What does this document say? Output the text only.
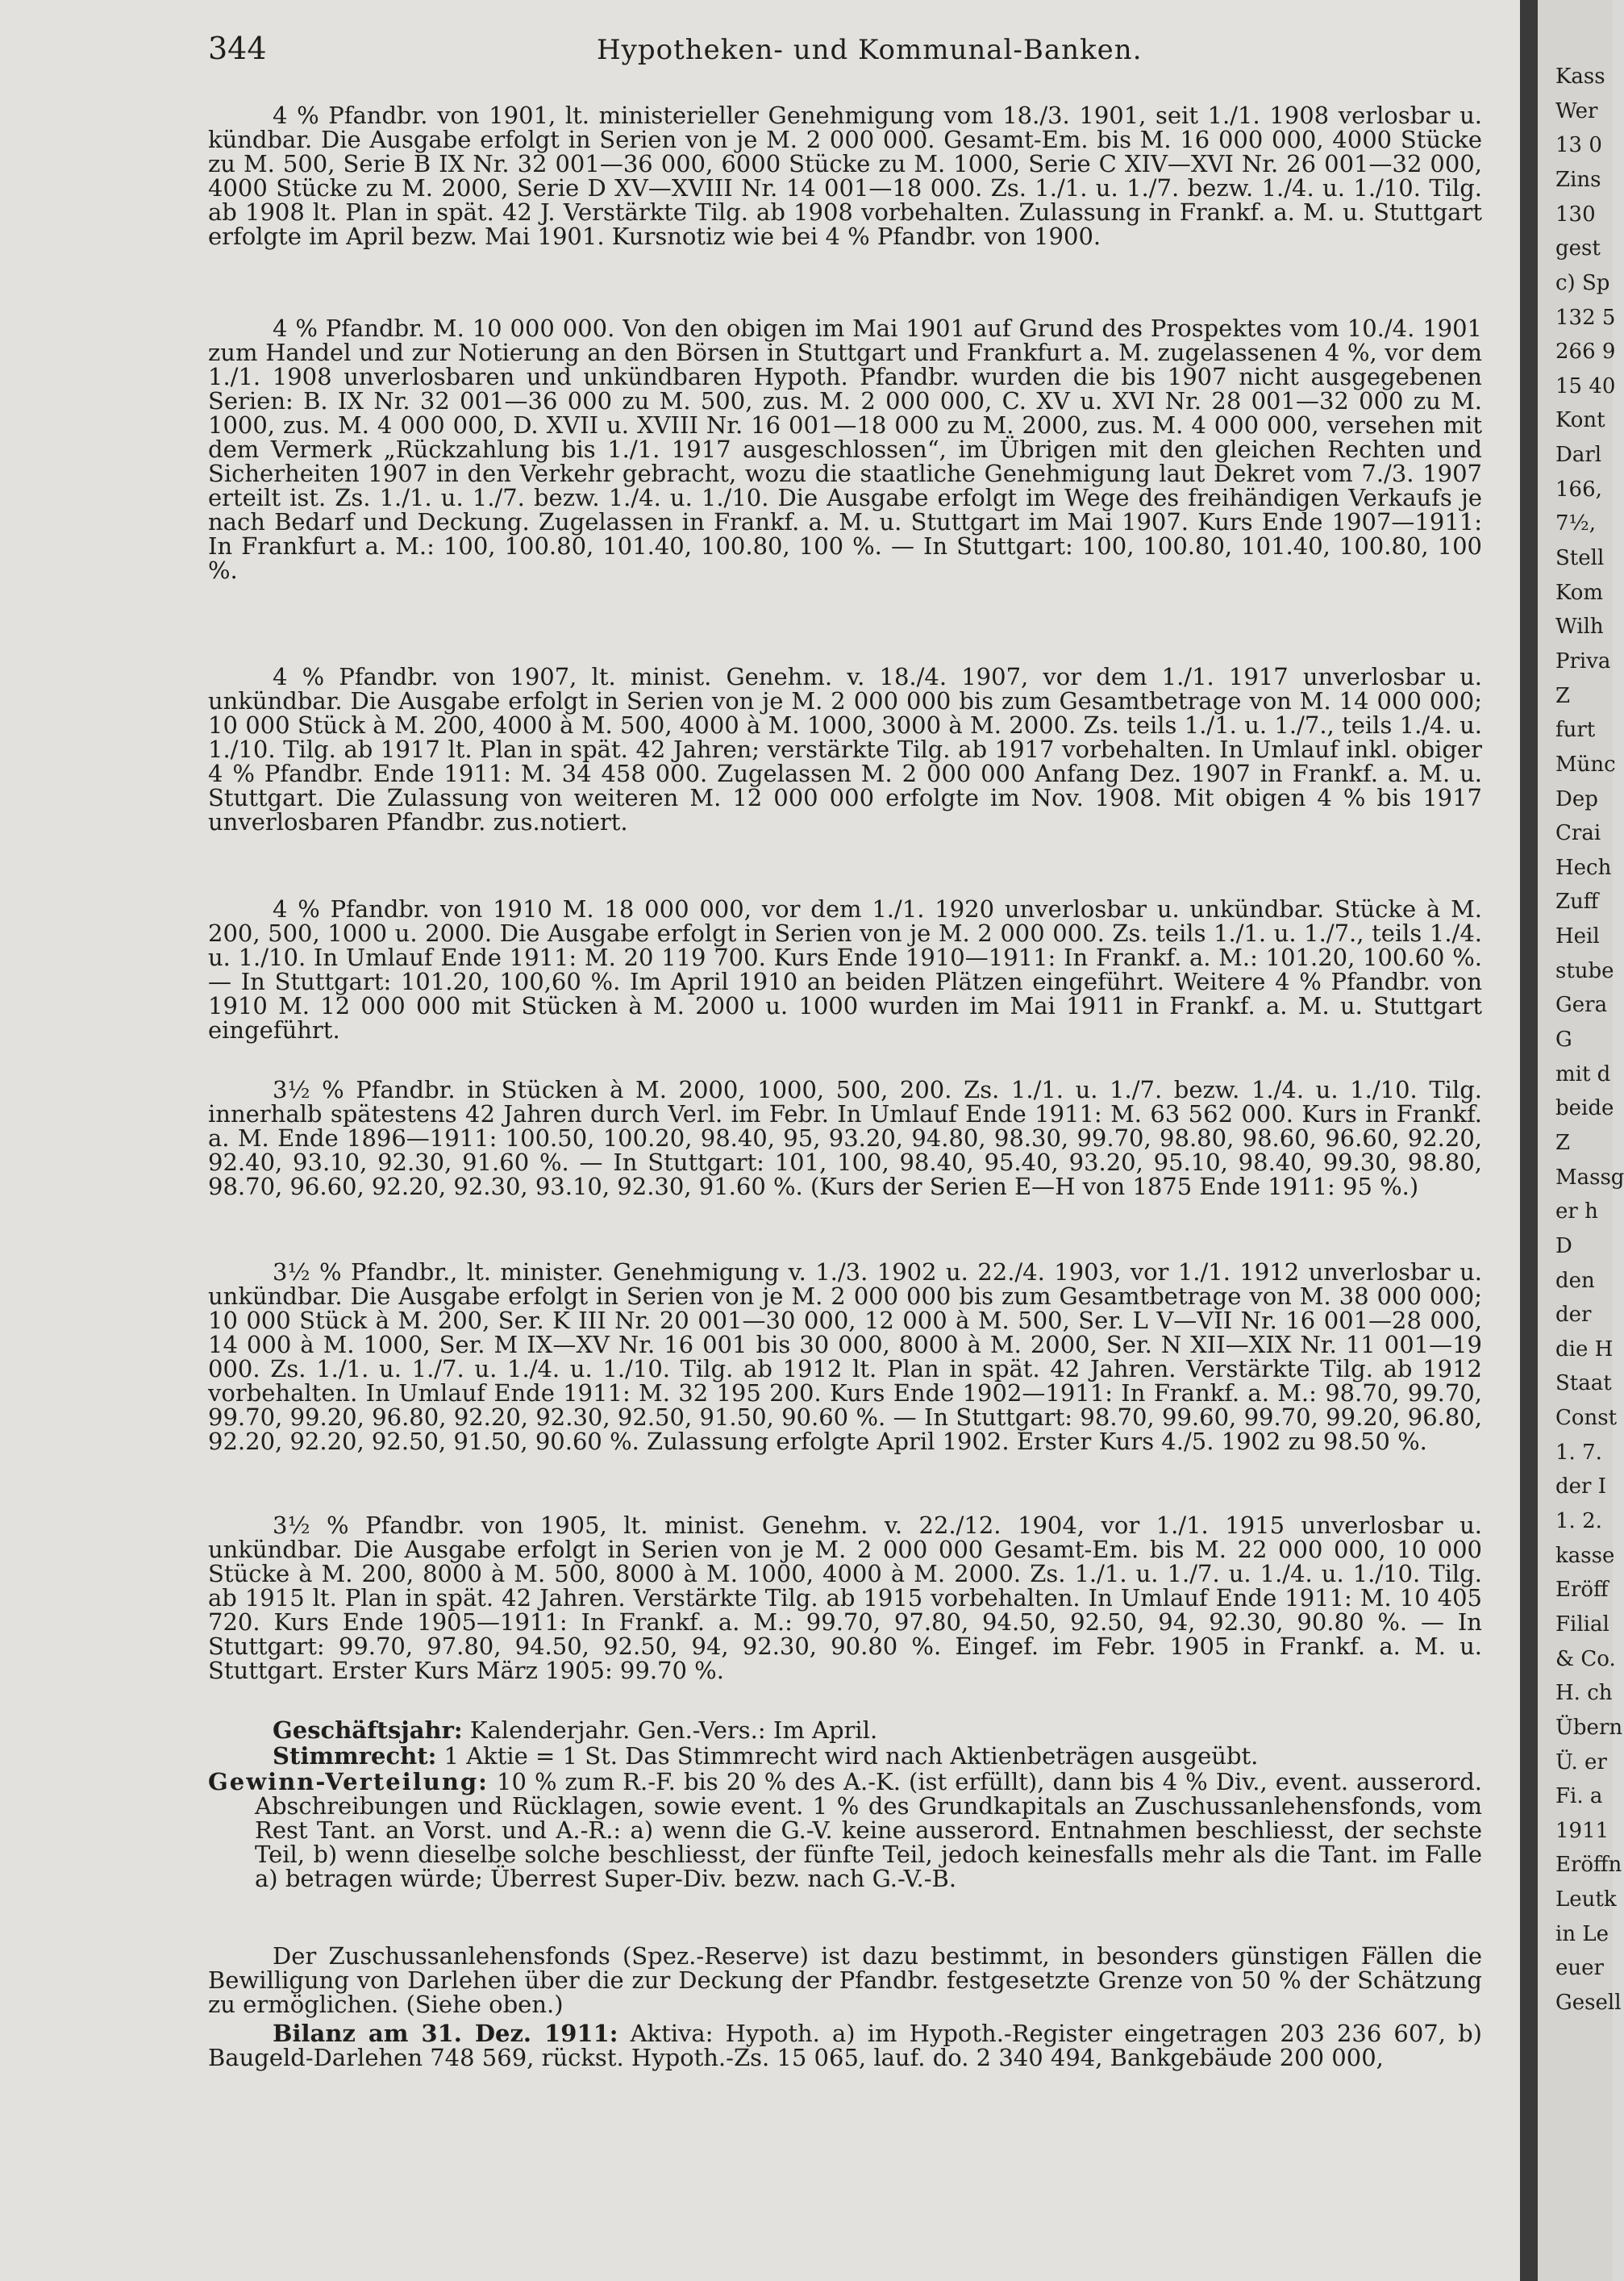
344	Hypotheken- und Kommunal-Banken.
4 % Pfandbr. von 1901, lt. ministerieller Genehmigung vom 18./3. 1901, seit 1./1. 1908 verlosbar u. kündbar. Die Ausgabe erfolgt in Serien von je M. 2 000 000. Gesamt-Em. bis M. 16 000 000, 4000 Stücke zu M. 500, Serie B IX Nr. 32 001—36 000, 6000 Stücke zu M. 1000, Serie C XIV—XVI Nr. 26 001—32 000, 4000 Stücke zu M. 2000, Serie D XV—XVIII Nr. 14 001—18 000. Zs. 1./1. u. 1./7. bezw. 1./4. u. 1./10. Tilg. ab 1908 lt. Plan in spät. 42 J. Verstärkte Tilg. ab 1908 vorbehalten. Zulassung in Frankf. a. M. u. Stuttgart erfolgte im April bezw. Mai 1901. Kursnotiz wie bei 4 % Pfandbr. von 1900.
4 % Pfandbr. M. 10 000 000. Von den obigen im Mai 1901 auf Grund des Prospektes vom 10./4. 1901 zum Handel und zur Notierung an den Börsen in Stuttgart und Frankfurt a. M. zugelassenen 4 %, vor dem 1./1. 1908 unverlosbaren und unkündbaren Hypoth. Pfandbr. wurden die bis 1907 nicht ausgegebenen Serien: B. IX Nr. 32 001—36 000 zu M. 500, zus. M. 2 000 000, C. XV u. XVI Nr. 28 001—32 000 zu M. 1000, zus. M. 4 000 000, D. XVII u. XVIII Nr. 16 001—18 000 zu M. 2000, zus. M. 4 000 000, versehen mit dem Vermerk „Rückzahlung bis 1./1. 1917 ausgeschlossen“, im Übrigen mit den gleichen Rechten und Sicherheiten 1907 in den Verkehr gebracht, wozu die staatliche Genehmigung laut Dekret vom 7./3. 1907 erteilt ist. Zs. 1./1. u. 1./7. bezw. 1./4. u. 1./10. Die Ausgabe erfolgt im Wege des freihändigen Verkaufs je nach Bedarf und Deckung. Zugelassen in Frankf. a. M. u. Stuttgart im Mai 1907. Kurs Ende 1907—1911: In Frankfurt a. M.: 100, 100.80, 101.40, 100.80, 100 %. — In Stuttgart: 100, 100.80, 101.40, 100.80, 100 %.
4 % Pfandbr. von 1907, lt. minist. Genehm. v. 18./4. 1907, vor dem 1./1. 1917 unverlosbar u. unkündbar. Die Ausgabe erfolgt in Serien von je M. 2 000 000 bis zum Gesamtbetrage von M. 14 000 000; 10 000 Stück à M. 200, 4000 à M. 500, 4000 à M. 1000, 3000 à M. 2000. Zs. teils 1./1. u. 1./7., teils 1./4. u. 1./10. Tilg. ab 1917 lt. Plan in spät. 42 Jahren; verstärkte Tilg. ab 1917 vorbehalten. In Umlauf inkl. obiger 4 % Pfandbr. Ende 1911: M. 34 458 000. Zugelassen M. 2 000 000 Anfang Dez. 1907 in Frankf. a. M. u. Stuttgart. Die Zulassung von weiteren M. 12 000 000 erfolgte im Nov. 1908. Mit obigen 4 % bis 1917 unverlosbaren Pfandbr. zus.notiert.
4 % Pfandbr. von 1910 M. 18 000 000, vor dem 1./1. 1920 unverlosbar u. unkündbar. Stücke à M. 200, 500, 1000 u. 2000. Die Ausgabe erfolgt in Serien von je M. 2 000 000. Zs. teils 1./1. u. 1./7., teils 1./4. u. 1./10. In Umlauf Ende 1911: M. 20 119 700. Kurs Ende 1910—1911: In Frankf. a. M.: 101.20, 100.60 %. — In Stuttgart: 101.20, 100,60 %. Im April 1910 an beiden Plätzen eingeführt. Weitere 4 % Pfandbr. von 1910 M. 12 000 000 mit Stücken à M. 2000 u. 1000 wurden im Mai 1911 in Frankf. a. M. u. Stuttgart eingeführt.
3½ % Pfandbr. in Stücken à M. 2000, 1000, 500, 200. Zs. 1./1. u. 1./7. bezw. 1./4. u. 1./10. Tilg. innerhalb spätestens 42 Jahren durch Verl. im Febr. In Umlauf Ende 1911: M. 63 562 000. Kurs in Frankf. a. M. Ende 1896—1911: 100.50, 100.20, 98.40, 95, 93.20, 94.80, 98.30, 99.70, 98.80, 98.60, 96.60, 92.20, 92.40, 93.10, 92.30, 91.60 %. — In Stuttgart: 101, 100, 98.40, 95.40, 93.20, 95.10, 98.40, 99.30, 98.80, 98.70, 96.60, 92.20, 92.30, 93.10, 92.30, 91.60 %. (Kurs der Serien E—H von 1875 Ende 1911: 95 %.)
3½ % Pfandbr., lt. minister. Genehmigung v. 1./3. 1902 u. 22./4. 1903, vor 1./1. 1912 unverlosbar u. unkündbar. Die Ausgabe erfolgt in Serien von je M. 2 000 000 bis zum Gesamtbetrage von M. 38 000 000; 10 000 Stück à M. 200, Ser. K III Nr. 20 001—30 000, 12 000 à M. 500, Ser. L V—VII Nr. 16 001—28 000, 14 000 à M. 1000, Ser. M IX—XV Nr. 16 001 bis 30 000, 8000 à M. 2000, Ser. N XII—XIX Nr. 11 001—19 000. Zs. 1./1. u. 1./7. u. 1./4. u. 1./10. Tilg. ab 1912 lt. Plan in spät. 42 Jahren. Verstärkte Tilg. ab 1912 vorbehalten. In Umlauf Ende 1911: M. 32 195 200. Kurs Ende 1902—1911: In Frankf. a. M.: 98.70, 99.70, 99.70, 99.20, 96.80, 92.20, 92.30, 92.50, 91.50, 90.60 %. — In Stuttgart: 98.70, 99.60, 99.70, 99.20, 96.80, 92.20, 92.20, 92.50, 91.50, 90.60 %. Zulassung erfolgte April 1902. Erster Kurs 4./5. 1902 zu 98.50 %.
3½ % Pfandbr. von 1905, lt. minist. Genehm. v. 22./12. 1904, vor 1./1. 1915 unverlosbar u. unkündbar. Die Ausgabe erfolgt in Serien von je M. 2 000 000 Gesamt-Em. bis M. 22 000 000, 10 000 Stücke à M. 200, 8000 à M. 500, 8000 à M. 1000, 4000 à M. 2000. Zs. 1./1. u. 1./7. u. 1./4. u. 1./10. Tilg. ab 1915 lt. Plan in spät. 42 Jahren. Verstärkte Tilg. ab 1915 vorbehalten. In Umlauf Ende 1911: M. 10 405 720. Kurs Ende 1905—1911: In Frankf. a. M.: 99.70, 97.80, 94.50, 92.50, 94, 92.30, 90.80 %. — In Stuttgart: 99.70, 97.80, 94.50, 92.50, 94, 92.30, 90.80 %. Eingef. im Febr. 1905 in Frankf. a. M. u. Stuttgart. Erster Kurs März 1905: 99.70 %.
Geschäftsjahr: Kalenderjahr. Gen.-Vers.: Im April.
Stimmrecht: 1 Aktie = 1 St. Das Stimmrecht wird nach Aktienbeträgen ausgeübt.
Gewinn-Verteilung: 10 % zum R.-F. bis 20 % des A.-K. (ist erfüllt), dann bis 4 % Div., event. ausserord. Abschreibungen und Rücklagen, sowie event. 1 % des Grundkapitals an Zuschussanlehensfonds, vom Rest Tant. an Vorst. und A.-R.: a) wenn die G.-V. keine ausserord. Entnahmen beschliesst, der sechste Teil, b) wenn dieselbe solche beschliesst, der fünfte Teil, jedoch keinesfalls mehr als die Tant. im Falle a) betragen würde; Überrest Super-Div. bezw. nach G.-V.-B.
Der Zuschussanlehensfonds (Spez.-Reserve) ist dazu bestimmt, in besonders günstigen Fällen die Bewilligung von Darlehen über die zur Deckung der Pfandbr. festgesetzte Grenze von 50 % der Schätzung zu ermöglichen. (Siehe oben.)
Bilanz am 31. Dez. 1911: Aktiva: Hypoth. a) im Hypoth.-Register eingetragen 203 236 607, b) Baugeld-Darlehen 748 569, rückst. Hypoth.-Zs. 15 065, lauf. do. 2 340 494, Bankgebäude 200 000,
Kass
Wer
13 0
Zins
130
gest
c) Sp
132 5
266 9
15 40
Kont
Darl
166,
7½,
Stell
Kom
Wilh
Priva
Z
furt
Münc
Dep
Crai
Hech
Zuff
Heil
stube
Gera
G
mit d
beide
Z
Massg
er h
D
den
der
die H
Staat
Const
1. 7.
der I
1. 2.
kasse
Eröff
Filial
& Co.
H. ch
Übern
Ü. er
Fi. a
1911
Eröffn
Leutk
in Le
euer
Gesell
